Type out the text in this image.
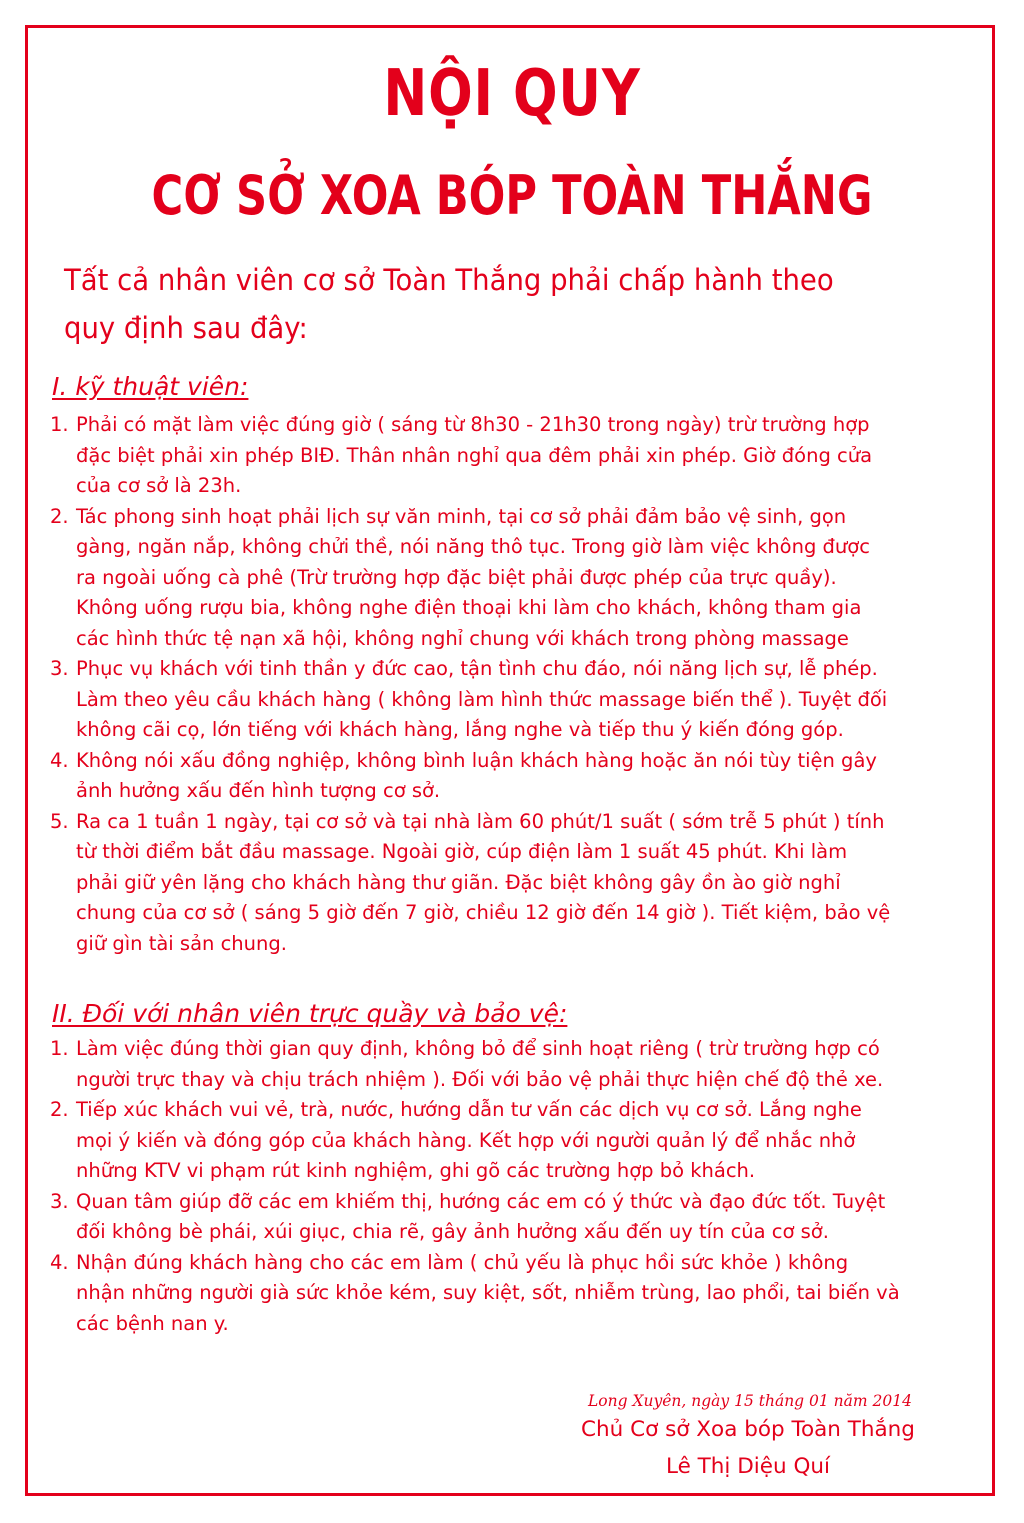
NỘI QUY
CƠ SỞ XOA BÓP TOÀN THẮNG
Tất cả nhân viên cơ sở Toàn Thắng phải chấp hành theo
quy định sau đây:
I. kỹ thuật viên:
1. Phải có mặt làm việc đúng giờ ( sáng từ 8h30 - 21h30 trong ngày) trừ trường hợp
đặc biệt phải xin phép BIĐ. Thân nhân nghỉ qua đêm phải xin phép. Giờ đóng cửa
của cơ sở là 23h.
2. Tác phong sinh hoạt phải lịch sự văn minh, tại cơ sở phải đảm bảo vệ sinh, gọn
gàng, ngăn nắp, không chửi thề, nói năng thô tục. Trong giờ làm việc không được
ra ngoài uống cà phê (Trừ trường hợp đặc biệt phải được phép của trực quầy).
Không uống rượu bia, không nghe điện thoại khi làm cho khách, không tham gia
các hình thức tệ nạn xã hội, không nghỉ chung với khách trong phòng massage
3. Phục vụ khách với tinh thần y đức cao, tận tình chu đáo, nói năng lịch sự, lễ phép.
Làm theo yêu cầu khách hàng ( không làm hình thức massage biến thể ). Tuyệt đối
không cãi cọ, lớn tiếng với khách hàng, lắng nghe và tiếp thu ý kiến đóng góp.
4. Không nói xấu đồng nghiệp, không bình luận khách hàng hoặc ăn nói tùy tiện gây
ảnh hưởng xấu đến hình tượng cơ sở.
5. Ra ca 1 tuần 1 ngày, tại cơ sở và tại nhà làm 60 phút/1 suất ( sớm trễ 5 phút ) tính
từ thời điểm bắt đầu massage. Ngoài giờ, cúp điện làm 1 suất 45 phút. Khi làm
phải giữ yên lặng cho khách hàng thư giãn. Đặc biệt không gây ồn ào giờ nghỉ
chung của cơ sở ( sáng 5 giờ đến 7 giờ, chiều 12 giờ đến 14 giờ ). Tiết kiệm, bảo vệ
giữ gìn tài sản chung.
II. Đối với nhân viên trực quầy và bảo vệ:
1. Làm việc đúng thời gian quy định, không bỏ để sinh hoạt riêng ( trừ trường hợp có
người trực thay và chịu trách nhiệm ). Đối với bảo vệ phải thực hiện chế độ thẻ xe.
2. Tiếp xúc khách vui vẻ, trà, nước, hướng dẫn tư vấn các dịch vụ cơ sở. Lắng nghe
mọi ý kiến và đóng góp của khách hàng. Kết hợp với người quản lý để nhắc nhở
những KTV vi phạm rút kinh nghiệm, ghi gõ các trường hợp bỏ khách.
3. Quan tâm giúp đỡ các em khiếm thị, hướng các em có ý thức và đạo đức tốt. Tuyệt
đối không bè phái, xúi giục, chia rẽ, gây ảnh hưởng xấu đến uy tín của cơ sở.
4. Nhận đúng khách hàng cho các em làm ( chủ yếu là phục hồi sức khỏe ) không
nhận những người già sức khỏe kém, suy kiệt, sốt, nhiễm trùng, lao phổi, tai biến và
các bệnh nan y.
Long Xuyên, ngày 15 tháng 01 năm 2014
Chủ Cơ sở Xoa bóp Toàn Thắng
Lê Thị Diệu Quí
